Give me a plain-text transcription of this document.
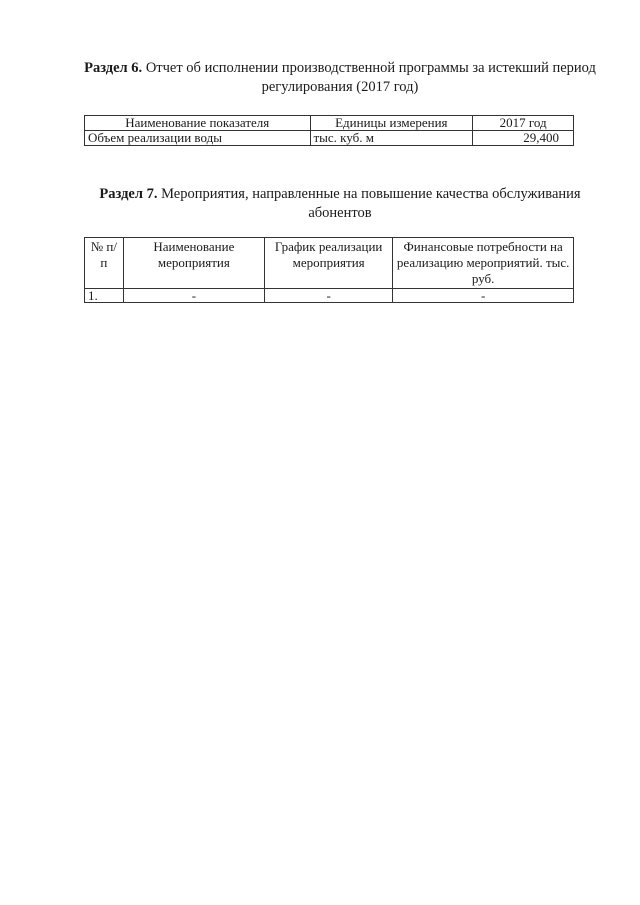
Раздел 6. Отчет об исполнении производственной программы за истекший период регулирования (2017 год)
Наименование показателя	Единицы измерения	2017 год
Объем реализации воды	тыс. куб. м	29,400
Раздел 7. Мероприятия, направленные на повышение качества обслуживания абонентов
№ п/п	Наименование мероприятия	График реализации мероприятия	Финансовые потребности на реализацию мероприятий. тыс. руб.
1.	-	-	-
